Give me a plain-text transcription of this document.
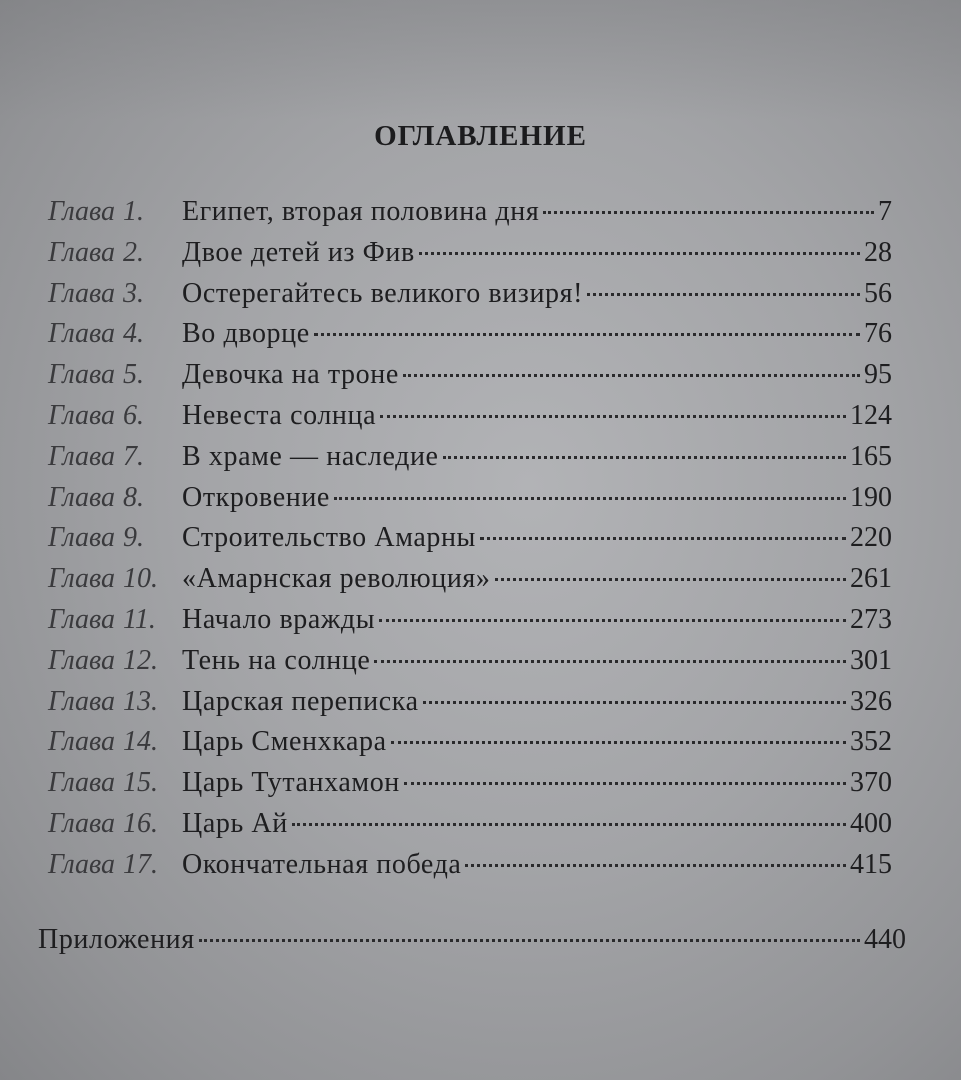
ОГЛАВЛЕНИЕ
Глава 1.	Египет, вторая половина дня	7
Глава 2.	Двое детей из Фив	28
Глава 3.	Остерегайтесь великого визиря!	56
Глава 4.	Во дворце	76
Глава 5.	Девочка на троне	95
Глава 6.	Невеста солнца	124
Глава 7.	В храме — наследие	165
Глава 8.	Откровение	190
Глава 9.	Строительство Амарны	220
Глава 10. «Амарнская революция»	261
Глава 11. Начало вражды	273
Глава 12. Тень на солнце	301
Глава 13. Царская переписка	326
Глава 14. Царь Сменхкара	352
Глава 15. Царь Тутанхамон	370
Глава 16. Царь Ай	400
Глава 17. Окончательная победа	415
Приложения	440
